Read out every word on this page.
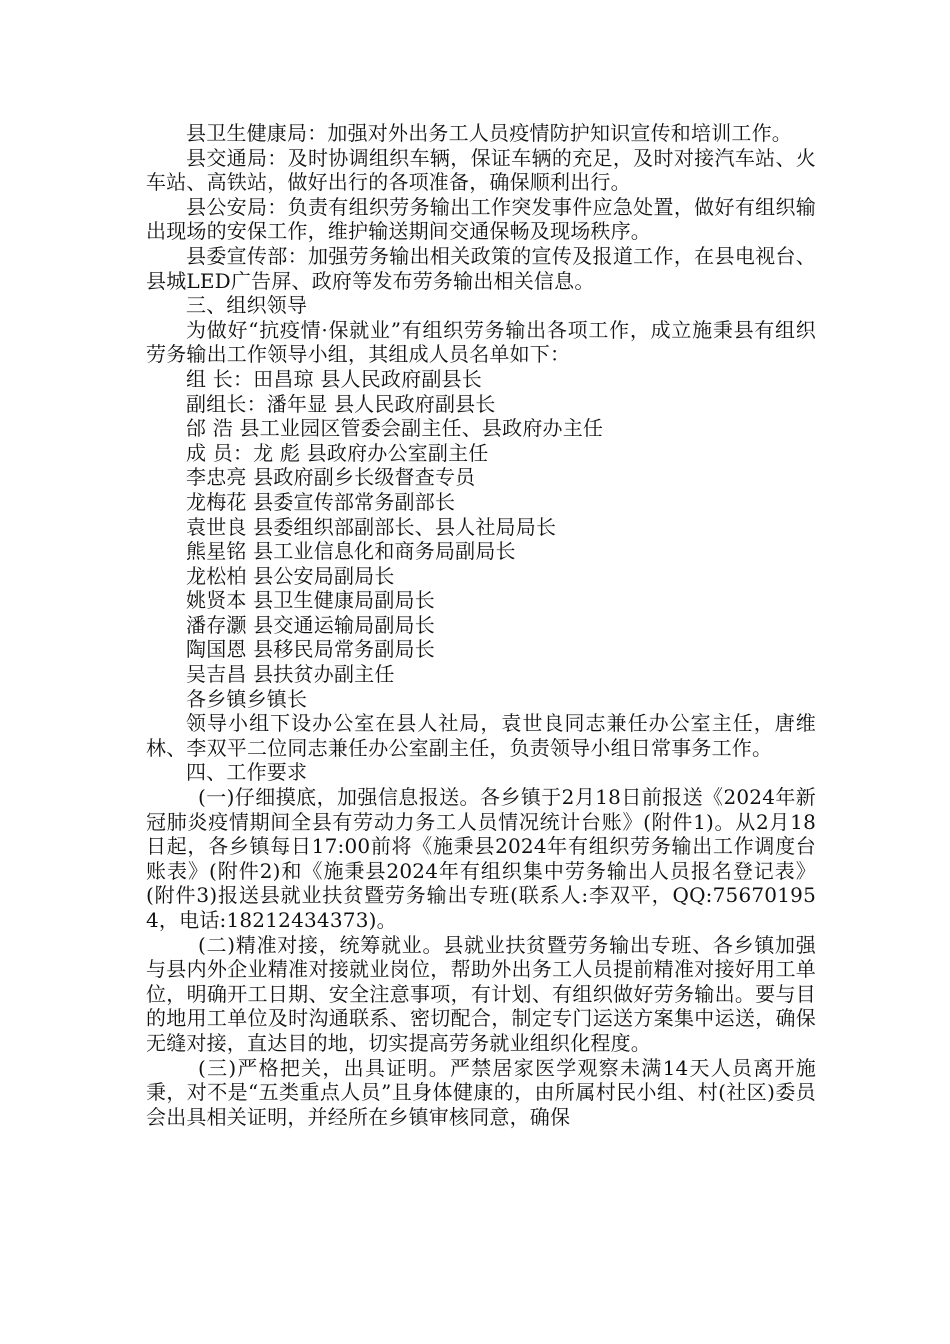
县卫生健康局：加强对外出务工人员疫情防护知识宣传和培训工作。

县交通局：及时协调组织车辆，保证车辆的充足，及时对接汽车站、火车站、高铁站，做好出行的各项准备，确保顺利出行。

县公安局：负责有组织劳务输出工作突发事件应急处置，做好有组织输出现场的安保工作，维护输送期间交通保畅及现场秩序。

县委宣传部：加强劳务输出相关政策的宣传及报道工作，在县电视台、县城LED广告屏、政府等发布劳务输出相关信息。

三、组织领导

为做好“抗疫情·保就业”有组织劳务输出各项工作，成立施秉县有组织劳务输出工作领导小组，其组成人员名单如下：

组 长：田昌琼 县人民政府副县长

副组长：潘年显 县人民政府副县长

邰 浩 县工业园区管委会副主任、县政府办主任

成 员：龙 彪 县政府办公室副主任

李忠亮 县政府副乡长级督查专员

龙梅花 县委宣传部常务副部长

袁世良 县委组织部副部长、县人社局局长

熊星铭 县工业信息化和商务局副局长

龙松柏 县公安局副局长

姚贤本 县卫生健康局副局长

潘存灏 县交通运输局副局长

陶国恩 县移民局常务副局长

吴吉昌 县扶贫办副主任

各乡镇乡镇长

领导小组下设办公室在县人社局，袁世良同志兼任办公室主任，唐维林、李双平二位同志兼任办公室副主任，负责领导小组日常事务工作。

四、工作要求

(一)仔细摸底，加强信息报送。各乡镇于2月18日前报送《2024年新冠肺炎疫情期间全县有劳动力务工人员情况统计台账》(附件1)。从2月18日起，各乡镇每日17:00前将《施秉县2024年有组织劳务输出工作调度台账表》(附件2)和《施秉县2024年有组织集中劳务输出人员报名登记表》(附件3)报送县就业扶贫暨劳务输出专班(联系人:李双平，QQ:756701954，电话:18212434373)。

(二)精准对接，统筹就业。县就业扶贫暨劳务输出专班、各乡镇加强与县内外企业精准对接就业岗位，帮助外出务工人员提前精准对接好用工单位，明确开工日期、安全注意事项，有计划、有组织做好劳务输出。要与目的地用工单位及时沟通联系、密切配合，制定专门运送方案集中运送，确保无缝对接，直达目的地，切实提高劳务就业组织化程度。

(三)严格把关，出具证明。严禁居家医学观察未满14天人员离开施秉，对不是“五类重点人员”且身体健康的，由所属村民小组、村(社区)委员会出具相关证明，并经所在乡镇审核同意，确保
